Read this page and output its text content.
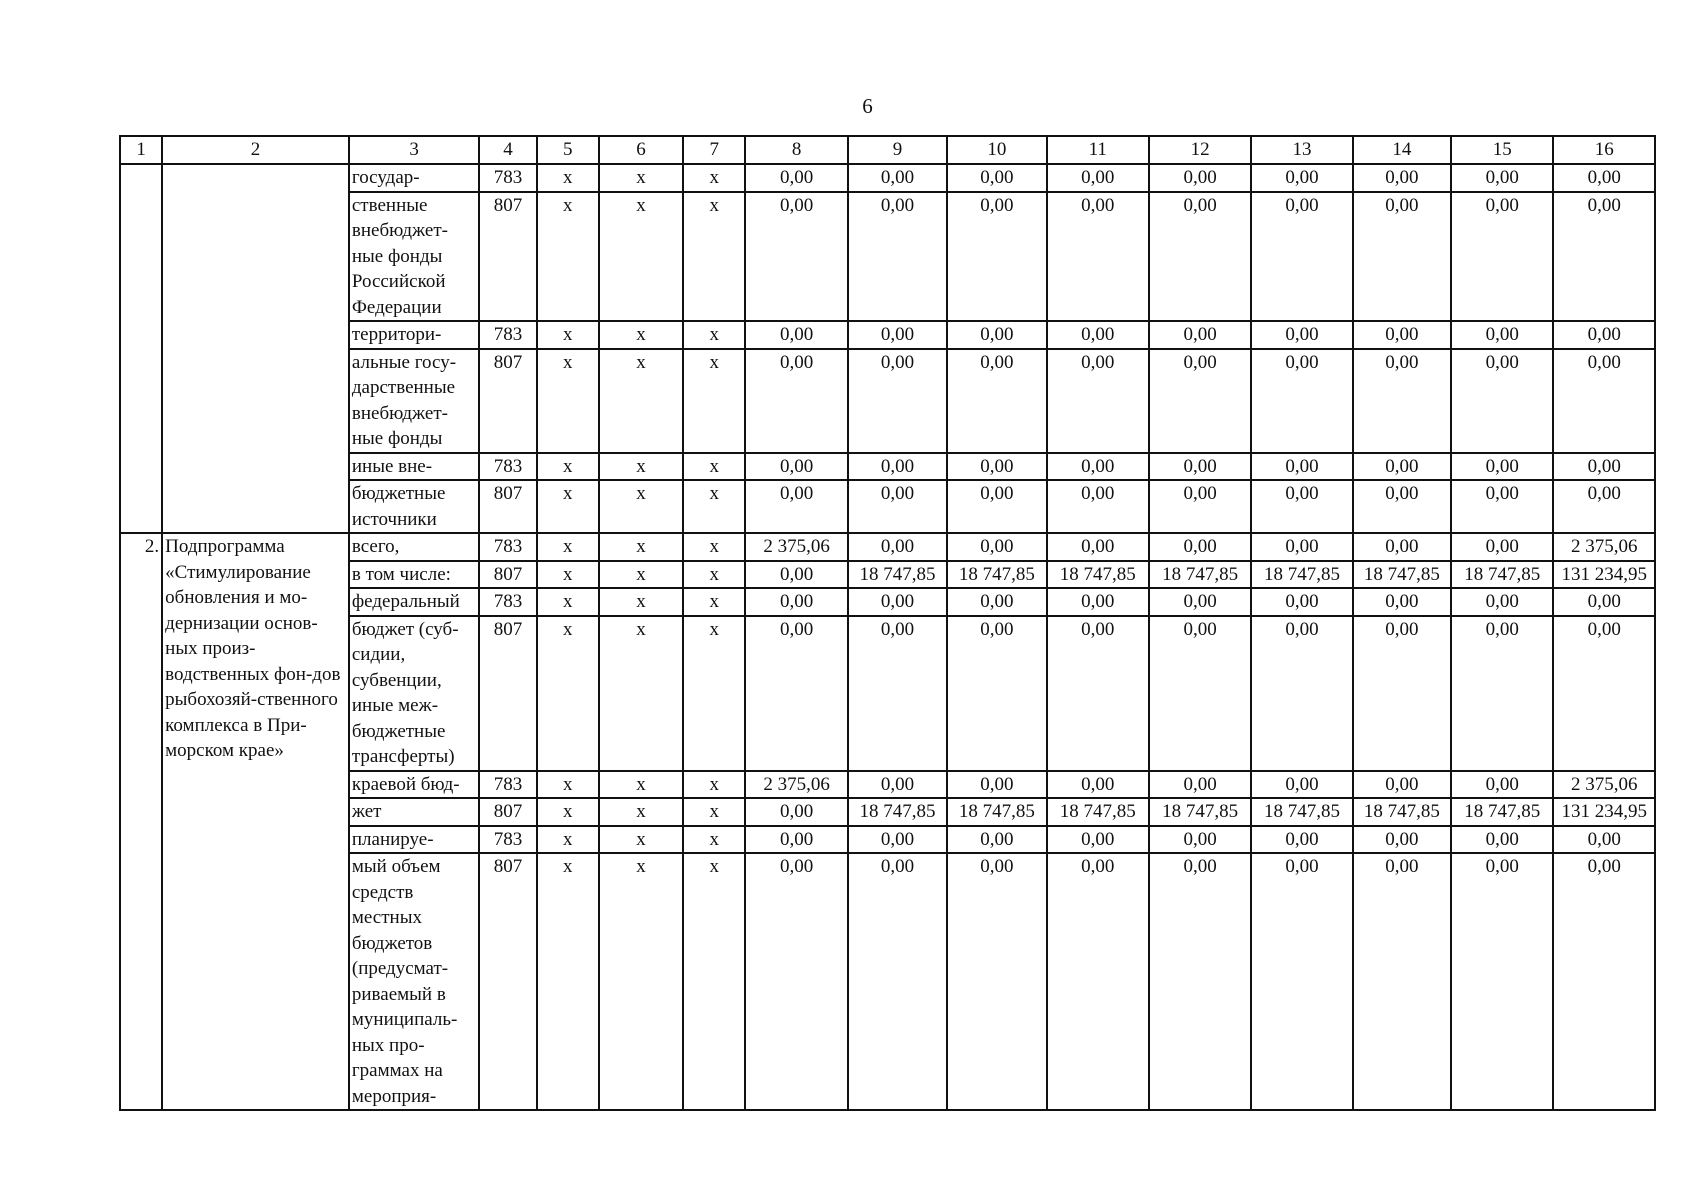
6
1	2	3	4	5	6	7	8	9	10	11	12	13	14	15	16
		государ-	783	х	х	х	0,00	0,00	0,00	0,00	0,00	0,00	0,00	0,00	0,00
		ственные внебюджет-ные фонды Российской Федерации	807	х	х	х	0,00	0,00	0,00	0,00	0,00	0,00	0,00	0,00	0,00
		территори-	783	х	х	х	0,00	0,00	0,00	0,00	0,00	0,00	0,00	0,00	0,00
		альные госу-дарственные внебюджет-ные фонды	807	х	х	х	0,00	0,00	0,00	0,00	0,00	0,00	0,00	0,00	0,00
		иные вне-	783	х	х	х	0,00	0,00	0,00	0,00	0,00	0,00	0,00	0,00	0,00
		бюджетные источники	807	х	х	х	0,00	0,00	0,00	0,00	0,00	0,00	0,00	0,00	0,00
2.	Подпрограмма «Стимулирование обновления и мо-дернизации основ-ных произ-водственных фон-дов рыбохозяй-ственного комплекса в При-морском крае»	всего,	783	х	х	х	2 375,06	0,00	0,00	0,00	0,00	0,00	0,00	0,00	2 375,06
		в том числе:	807	х	х	х	0,00	18 747,85	18 747,85	18 747,85	18 747,85	18 747,85	18 747,85	18 747,85	131 234,95
		федеральный	783	х	х	х	0,00	0,00	0,00	0,00	0,00	0,00	0,00	0,00	0,00
		бюджет (суб-сидии, субвенции, иные меж-бюджетные трансферты)	807	х	х	х	0,00	0,00	0,00	0,00	0,00	0,00	0,00	0,00	0,00
		краевой бюд-	783	х	х	х	2 375,06	0,00	0,00	0,00	0,00	0,00	0,00	0,00	2 375,06
		жет	807	х	х	х	0,00	18 747,85	18 747,85	18 747,85	18 747,85	18 747,85	18 747,85	18 747,85	131 234,95
		планируе-	783	х	х	х	0,00	0,00	0,00	0,00	0,00	0,00	0,00	0,00	0,00
		мый объем средств местных бюджетов (предусмат-риваемый в муниципаль-ных про-граммах на мероприя-	807	х	х	х	0,00	0,00	0,00	0,00	0,00	0,00	0,00	0,00	0,00
